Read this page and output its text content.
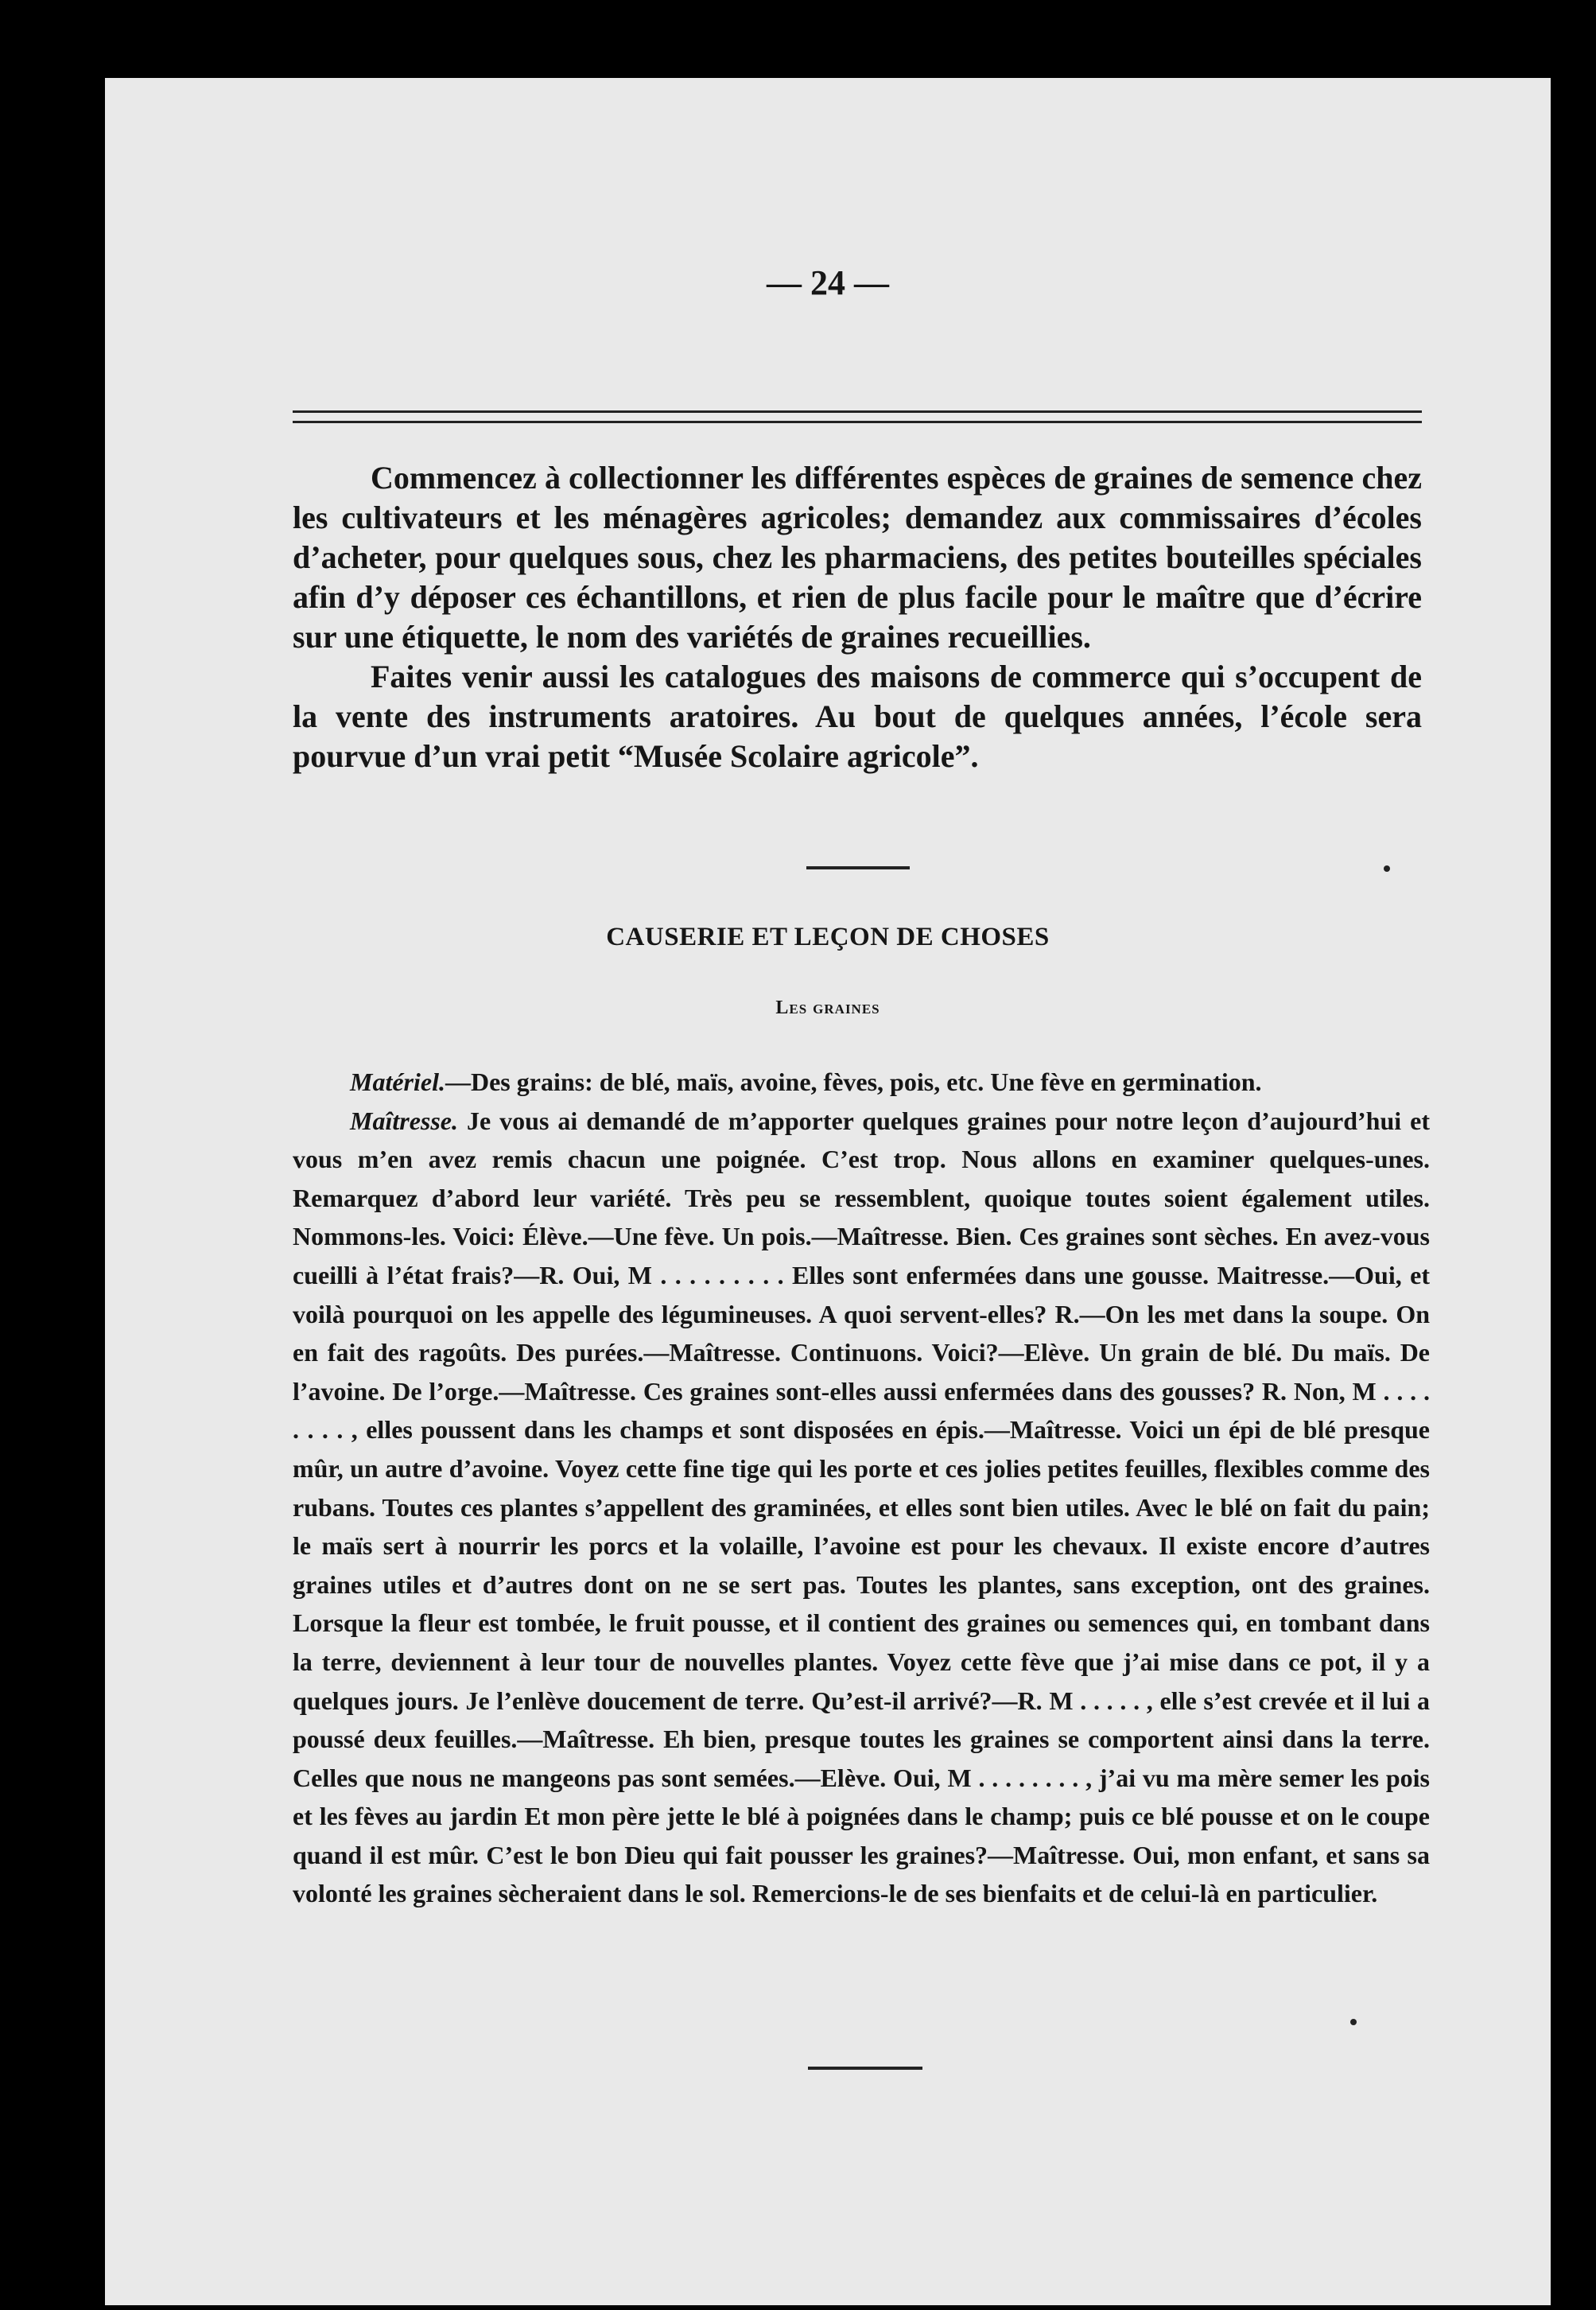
— 24 —

Commencez à collectionner les différentes espèces de graines de semence chez les cultivateurs et les ménagères agricoles; demandez aux commissaires d’écoles d’acheter, pour quelques sous, chez les pharmaciens, des petites bouteilles spéciales afin d’y déposer ces échantillons, et rien de plus facile pour le maître que d’écrire sur une étiquette, le nom des variétés de graines recueillies.

Faites venir aussi les catalogues des maisons de commerce qui s’occupent de la vente des instruments aratoires. Au bout de quelques années, l’école sera pourvue d’un vrai petit “Musée Scolaire agricole”.

CAUSERIE ET LEÇON DE CHOSES
Les graines

Matériel.—Des grains: de blé, maïs, avoine, fèves, pois, etc. Une fève en germination.

Maîtresse. Je vous ai demandé de m’apporter quelques graines pour notre leçon d’aujourd’hui et vous m’en avez remis chacun une poignée. C’est trop. Nous allons en examiner quelques-unes. Remarquez d’abord leur variété. Très peu se ressemblent, quoique toutes soient également utiles. Nommons-les. Voici: Élève.—Une fève. Un pois.—Maîtresse. Bien. Ces graines sont sèches. En avez-vous cueilli à l’état frais?—R. Oui, M . . . . . . . . . Elles sont enfermées dans une gousse. Maitresse.—Oui, et voilà pourquoi on les appelle des légumineuses. A quoi servent-elles? R.—On les met dans la soupe. On en fait des ragoûts. Des purées.—Maîtresse. Continuons. Voici?—Elève. Un grain de blé. Du maïs. De l’avoine. De l’orge.—Maîtresse. Ces graines sont-elles aussi enfermées dans des gousses? R. Non, M . . . . . . . . , elles poussent dans les champs et sont disposées en épis.—Maîtresse. Voici un épi de blé presque mûr, un autre d’avoine. Voyez cette fine tige qui les porte et ces jolies petites feuilles, flexibles comme des rubans. Toutes ces plantes s’appellent des graminées, et elles sont bien utiles. Avec le blé on fait du pain; le maïs sert à nourrir les porcs et la volaille, l’avoine est pour les chevaux. Il existe encore d’autres graines utiles et d’autres dont on ne se sert pas. Toutes les plantes, sans exception, ont des graines. Lorsque la fleur est tombée, le fruit pousse, et il contient des graines ou semences qui, en tombant dans la terre, deviennent à leur tour de nouvelles plantes. Voyez cette fève que j’ai mise dans ce pot, il y a quelques jours. Je l’enlève doucement de terre. Qu’est-il arrivé?—R. M . . . . . , elle s’est crevée et il lui a poussé deux feuilles.—Maîtresse. Eh bien, presque toutes les graines se comportent ainsi dans la terre. Celles que nous ne mangeons pas sont semées.—Elève. Oui, M . . . . . . . . , j’ai vu ma mère semer les pois et les fèves au jardin Et mon père jette le blé à poignées dans le champ; puis ce blé pousse et on le coupe quand il est mûr. C’est le bon Dieu qui fait pousser les graines?—Maîtresse. Oui, mon enfant, et sans sa volonté les graines sècheraient dans le sol. Remercions-le de ses bienfaits et de celui-là en particulier.
